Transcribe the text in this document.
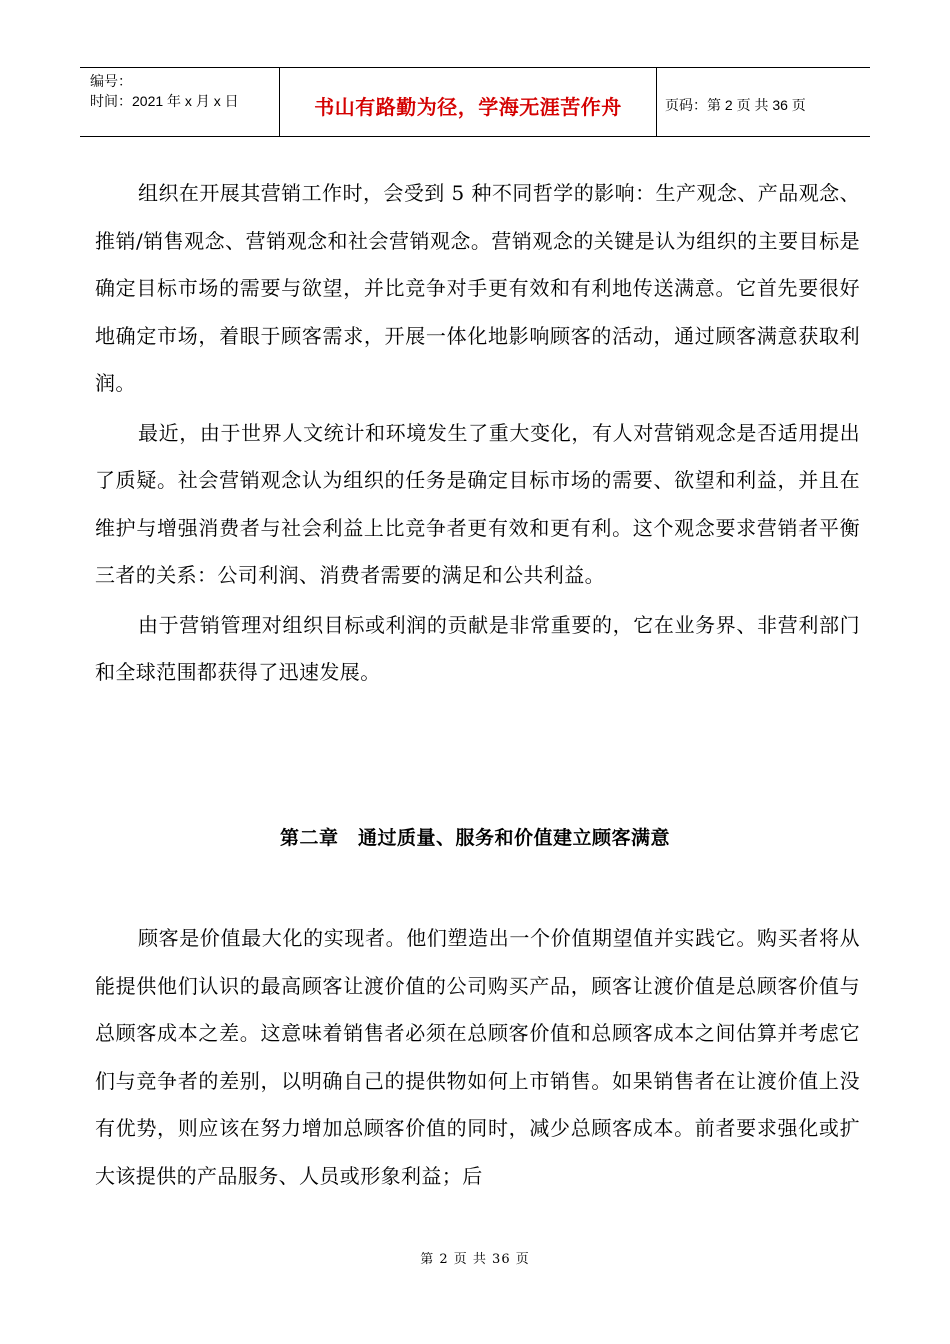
编号：
时间：2021 年 x 月 x 日	书山有路勤为径，学海无涯苦作舟	页码：第 2 页 共 36 页

组织在开展其营销工作时，会受到 5 种不同哲学的影响：生产观念、产品观念、推销/销售观念、营销观念和社会营销观念。营销观念的关键是认为组织的主要目标是确定目标市场的需要与欲望，并比竞争对手更有效和有利地传送满意。它首先要很好地确定市场，着眼于顾客需求，开展一体化地影响顾客的活动，通过顾客满意获取利润。

最近，由于世界人文统计和环境发生了重大变化，有人对营销观念是否适用提出了质疑。社会营销观念认为组织的任务是确定目标市场的需要、欲望和利益，并且在维护与增强消费者与社会利益上比竞争者更有效和更有利。这个观念要求营销者平衡三者的关系：公司利润、消费者需要的满足和公共利益。

由于营销管理对组织目标或利润的贡献是非常重要的，它在业务界、非营利部门和全球范围都获得了迅速发展。

第二章　通过质量、服务和价值建立顾客满意

顾客是价值最大化的实现者。他们塑造出一个价值期望值并实践它。购买者将从能提供他们认识的最高顾客让渡价值的公司购买产品，顾客让渡价值是总顾客价值与总顾客成本之差。这意味着销售者必须在总顾客价值和总顾客成本之间估算并考虑它们与竞争者的差别，以明确自己的提供物如何上市销售。如果销售者在让渡价值上没有优势，则应该在努力增加总顾客价值的同时，减少总顾客成本。前者要求强化或扩大该提供的产品服务、人员或形象利益；后

第 2 页 共 36 页
